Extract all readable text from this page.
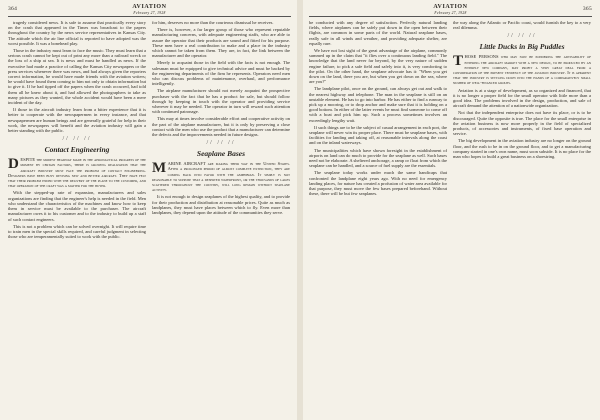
364	AVIATION
February 27, 1928

tragedy considered news. It is safe to assume that practically every story on the crash that appeared in the Times was broadcast to the papers throughout the country by the news service representatives in Kansas City. The attitude which the air line official is reported to have adopted was the worst possible. It was a bonehead play.

Those in the industry must learn to face the music. They must learn that a serious crash cannot be kept out of print any more than a railroad wreck or the loss of a ship at sea. It is news and must be handled as news. If the executive had made a practice of calling the Kansas City newspapers or the press services whenever there was news, and had always given the reporters correct information, he would have made friends with the aviation writers; he would have found them coming to him not only to obtain information but to give it. If he had tipped off the papers when the crash occurred, had told them all he knew about it, and had allowed the photographers to take as many pictures as they wanted, the whole accident would have been a mere incident of the day.

If those in the aircraft industry learn from a bitter experience that it is better to cooperate with the newspapermen in every instance, and that newspapermen are human beings and are generally grateful for help in their work, the newspapers will benefit and the aviation industry will gain a better standing with the public.

// // //
Contact Engineering

DESPITE the modest headway made in the aeronautical progress of the moment by certain factors, there is growing realization that the aircraft industry must face the problem of contact engineering. Designers have been busy devising new and better aircraft. They have felt that their problem ended with the delivery of the plane to the customer, and that operation of the craft was a matter for the buyer.

With the stepped-up rate of expansion, manufacturers and sales organizations are finding that the engineer's help is needed in the field. Men who understand the characteristics of the machines and know how to keep them in service must be available to the purchaser. The aircraft manufacturer owes it to his customer and to the industry to build up a staff of such contact engineers.

This is not a problem which can be solved overnight. It will require time to train men in the special skills required, and careful judgment in selecting those who are temperamentally suited to work with the public.

for him, deserves no more than the courteous dismissal he receives.

There is, however, a far larger group of those who represent reputable manufacturing concerns, with adequate engineering staffs, who are able to assure the operator that their products are sound and fitted for his purpose. These men have a real contribution to make and a place in the industry which cannot be taken from them. They are, in fact, the link between the manufacturer and the operator.

Merely to acquaint those in the field with the facts is not enough. The salesman must be equipped to give technical advice and must be backed by the engineering departments of the firm he represents. Operators need men who can discuss problems of maintenance, overhaul, and performance intelligently.

The airplane manufacturer should not merely acquaint the prospective purchaser with the fact that he has a product for sale, but should follow through by keeping in touch with the operator and providing service wherever it may be needed. The operator in turn will reward such attention with continued patronage.

This may at times involve considerable effort and cooperative activity on the part of the airplane manufacturer, but it is only by preserving a close contact with the men who use the product that a manufacturer can determine the defects and the improvements needed in future designs.

// // //
Seaplane Bases

MARINE AIRCRAFT are making their way in the United States. After a prolonged period of almost complete extinction, they are coming back into favor with the amphibian. It simply is not reasonable to suppose that a deserted waterfront, or the thousands of lakes scattered throughout the country, will long remain without seaplane activity.

It is not enough to design seaplanes of the highest quality, and to provide for their production and distribution at reasonable prices. Quite as much as landplanes, they must have places between which to fly. Even more than landplanes, they depend upon the attitude of the communities they serve.

AVIATION
February 27, 1928
365

be conducted with any degree of satisfaction. Perfectly natural landing fields, where airplanes can be safely put down in the open between their flights, are common in some parts of the world. Natural seaplane bases, really safe in all winds and weather, and providing adequate shelter, are equally rare.

We have not lost sight of the great advantage of the airplane, commonly summed up in the claim that "it flies over a continuous landing field." The knowledge that the land never far beyond, by the very nature of sudden engine failure, to pick a safe field and safely into it, is very comforting to the pilot. On the other hand, the seaplane advocate has it: "When you get down on the land, there you are, but when you get down on the sea, where are you?"

The landplane pilot, once on the ground, can always get out and walk to the nearest highway and telephone. The man in the seaplane is still on an unstable element. He has to go into harbor. He has either to find a runway to pick up a mooring, or to drop anchor and make sure that it is holding on a good bottom. In either of the latter events he must find someone to come off with a boat and pick him up. Such a process sometimes involves an exceedingly lengthy wait.

If such things are to be the subject of casual arrangement in each port, the seaplane will never win its proper place. There must be seaplane bases, with facilities for landing and taking off, at reasonable intervals along the coast and on the inland waterways.

The municipalities which have shown foresight in the establishment of airports on land can do much to provide for the seaplane as well. Such bases need not be elaborate. A sheltered anchorage, a ramp or float from which the seaplane can be handled, and a source of fuel supply are the essentials.

The seaplane today works under much the same handicaps that confronted the landplane eight years ago. With no need for emergency landing places, for nature has created a profusion of water area available for that purpose, they must move the few bases prepared beforehand. Without these, there will be but few seaplanes.

the way along the Atlantic or Pacific coast, would furnish the key to a very real dilemma.

// // //
Little Ducks in Big Puddles

THOSE PERSONS who may now be pondering the advisability of entering the aircraft market with a new design, to be produced by an entirely new company, may profit a very great deal from a consideration of the present tendency of the aviation industry. It is apparent that the industry is settling down into the hands of a comparatively small number of well-financed groups.

Aviation is at a stage of development, as so organized and financed, that it is no longer a proper field for the small operator with little more than a good idea. The problems involved in the design, production, and sale of aircraft demand the attention of a nationwide organization.

Not that the independent enterprise does not have its place, or is to be discouraged. Quite the opposite is true. The place for the small enterprise in the aviation business is now more properly in the field of specialized products, of accessories and instruments, of fixed base operation and service.

The big development in the aviation industry are no longer on the ground floor, and the rush to be in on the ground floor, and to get a manufacturing company started in one's own name, must soon subside. It is no place for the man who hopes to build a great business on a shoestring.
